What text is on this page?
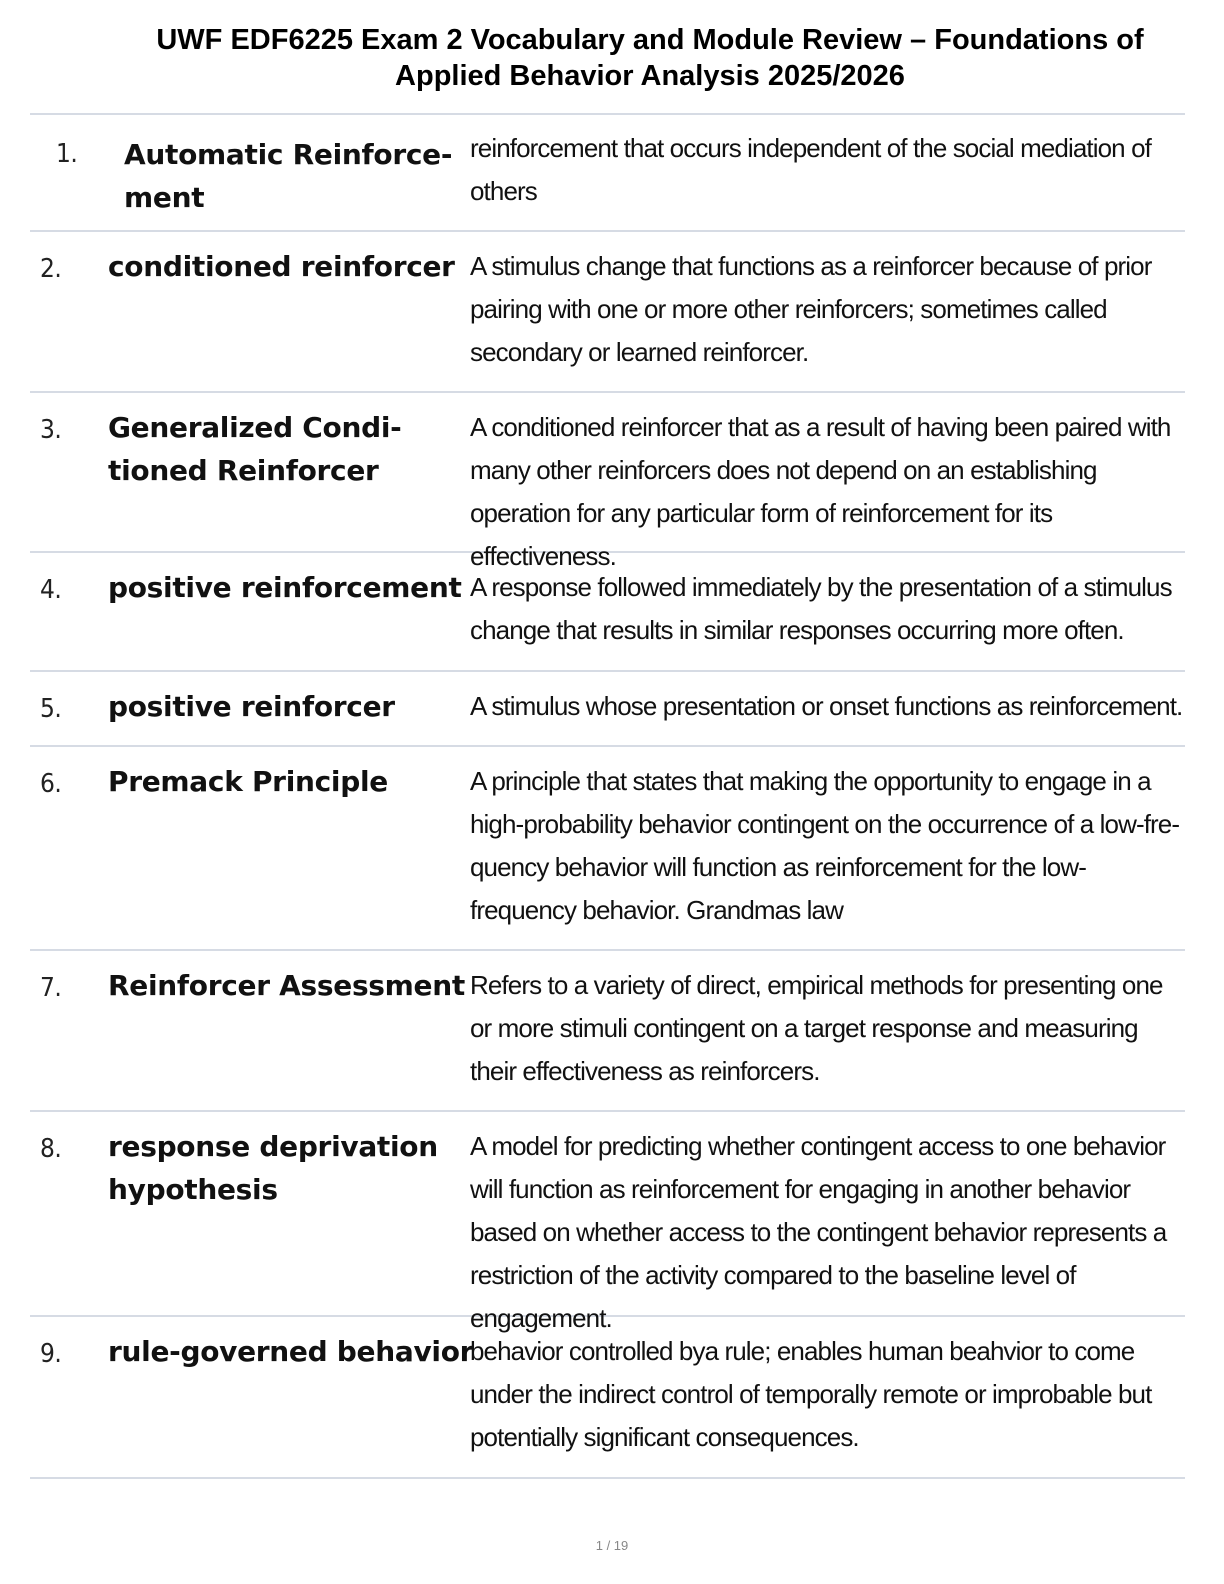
UWF EDF6225 Exam 2 Vocabulary and Module Review – Foundations of
Applied Behavior Analysis 2025/2026
1. Automatic Reinforce-
ment
reinforcement that occurs independent of the social mediation of others
2. conditioned reinforcer A stimulus change that functions as a reinforcer because of prior pairing with one or more other reinforcers; sometimes called secondary or learned reinforcer.
3. Generalized Condi-
tioned Reinforcer
A conditioned reinforcer that as a result of having been paired with many other reinforcers does not depend on an establishing operation for any particular form of reinforcement for its effectiveness.
4. positive reinforcement A response followed immediately by the presentation of a stimulus change that results in similar responses occurring more often.
5. positive reinforcer	A stimulus whose presentation or onset functions as reinforcement.
6. Premack Principle	A principle that states that making the opportunity to engage in a high-probability behavior contingent on the occurrence of a low-fre-quency behavior will function as reinforcement for the low-frequency behavior. Grandmas law
7. Reinforcer Assessment Refers to a variety of direct, empirical methods for presenting one or more stimuli contingent on a target response and measuring their effectiveness as reinforcers.
8. response deprivation
hypothesis
A model for predicting whether contingent access to one behavior will function as reinforcement for engaging in another behavior based on whether access to the contingent behavior represents a restriction of the activity compared to the baseline level of engagement.
9. rule-governed behavior
behavior controlled bya rule; enables human beahvior to come under the indirect control of temporally remote or improbable but potentially significant consequences.
1 / 19
